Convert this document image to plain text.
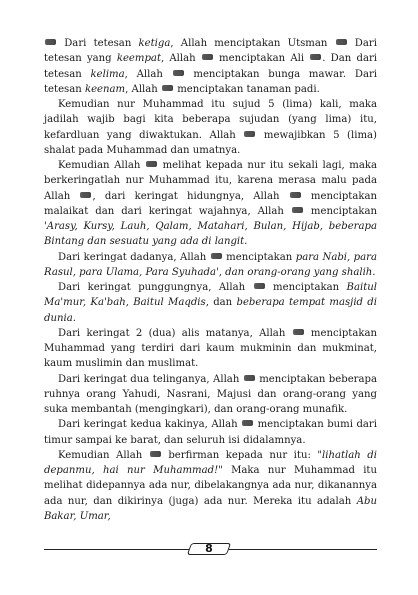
Dari tetesan ketiga, Allah menciptakan Utsman  Dari tetesan yang keempat, Allah  menciptakan Ali . Dan dari tetesan kelima, Allah  menciptakan bunga mawar. Dari tetesan keenam, Allah  menciptakan tanaman padi.

Kemudian nur Muhammad itu sujud 5 (lima) kali, maka jadilah wajib bagi kita beberapa sujudan (yang lima) itu, kefardluan yang diwaktukan. Allah  mewajibkan 5 (lima) shalat pada Muhammad dan umatnya.

Kemudian Allah  melihat kepada nur itu sekali lagi, maka berkeringatlah nur Muhammad itu, karena merasa malu pada Allah , dari keringat hidungnya, Allah  menciptakan malaikat dan dari keringat wajahnya, Allah  menciptakan 'Arasy, Kursy, Lauh, Qalam, Matahari, Bulan, Hijab, beberapa Bintang dan sesuatu yang ada di langit.

Dari keringat dadanya, Allah  menciptakan para Nabi, para Rasul, para Ulama, Para Syuhada', dan orang-orang yang shalih.

Dari keringat punggungnya, Allah  menciptakan Baitul Ma'mur, Ka'bah, Baitul Maqdis, dan beberapa tempat masjid di dunia.

Dari keringat 2 (dua) alis matanya, Allah  menciptakan Muhammad yang terdiri dari kaum mukminin dan mukminat, kaum muslimin dan muslimat.

Dari keringat dua telinganya, Allah  menciptakan beberapa ruhnya orang Yahudi, Nasrani, Majusi dan orang-orang yang suka membantah (mengingkari), dan orang-orang munafik.

Dari keringat kedua kakinya, Allah  menciptakan bumi dari timur sampai ke barat, dan seluruh isi didalamnya.

Kemudian Allah  berfirman kepada nur itu: "lihatlah di depanmu, hai nur Muhammad!" Maka nur Muhammad itu melihat didepannya ada nur, dibelakangnya ada nur, dikanannya ada nur, dan dikirinya (juga) ada nur. Mereka itu adalah Abu Bakar, Umar,

8
